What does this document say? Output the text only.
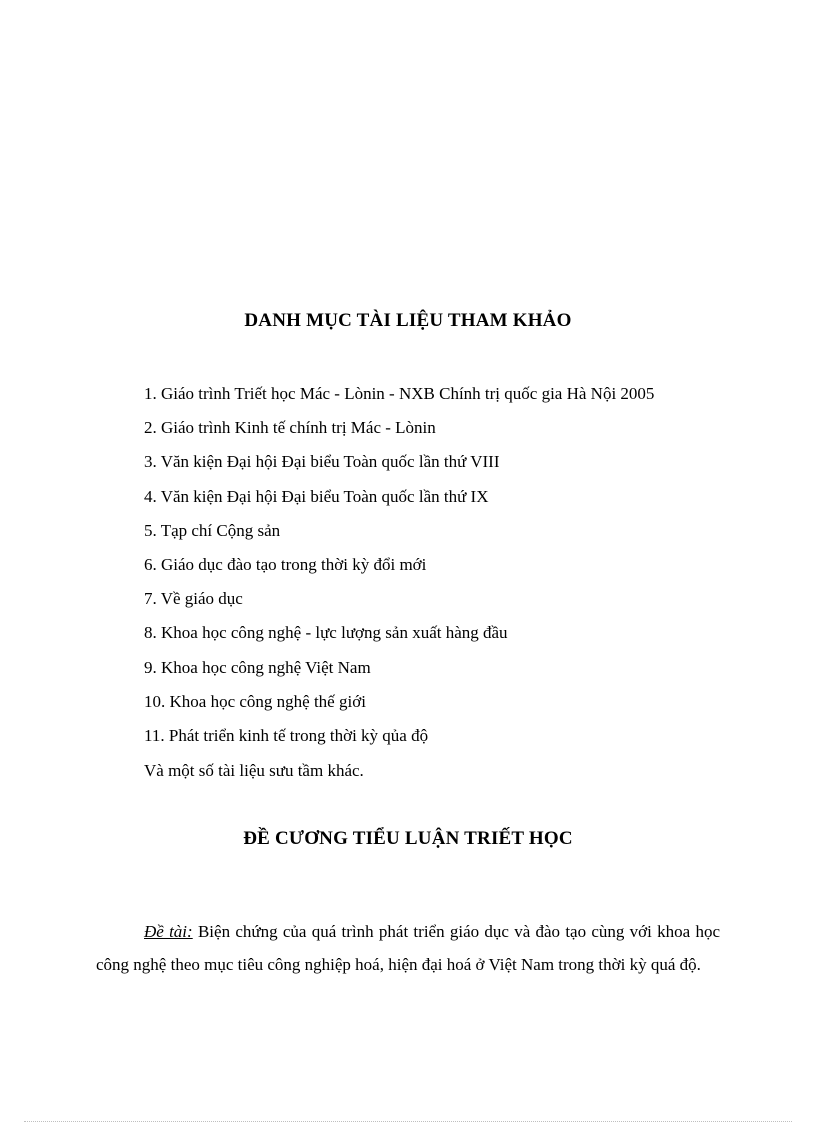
DANH MỤC TÀI LIỆU THAM KHẢO
1. Giáo trình Triết học Mác - Lònin - NXB Chính trị quốc gia Hà Nội 2005
2. Giáo trình Kinh tế chính trị Mác - Lònin
3. Văn kiện Đại hội Đại biểu Toàn quốc lần thứ VIII
4. Văn kiện Đại hội Đại biểu Toàn quốc lần thứ IX
5. Tạp chí Cộng sản
6. Giáo dục đào tạo trong thời kỳ đổi mới
7. Về giáo dục
8. Khoa học công nghệ - lực lượng sản xuất hàng đầu
9. Khoa học công nghệ Việt Nam
10. Khoa học công nghệ thế giới
11. Phát triển kinh tế trong thời kỳ qủa độ
Và một số tài liệu sưu tầm khác.
ĐỀ CƯƠNG TIỂU LUẬN TRIẾT HỌC

Đề tài: Biện chứng của quá trình phát triển giáo dục và đào tạo cùng với khoa học công nghệ theo mục tiêu công nghiệp hoá, hiện đại hoá ở Việt Nam trong thời kỳ quá độ.
